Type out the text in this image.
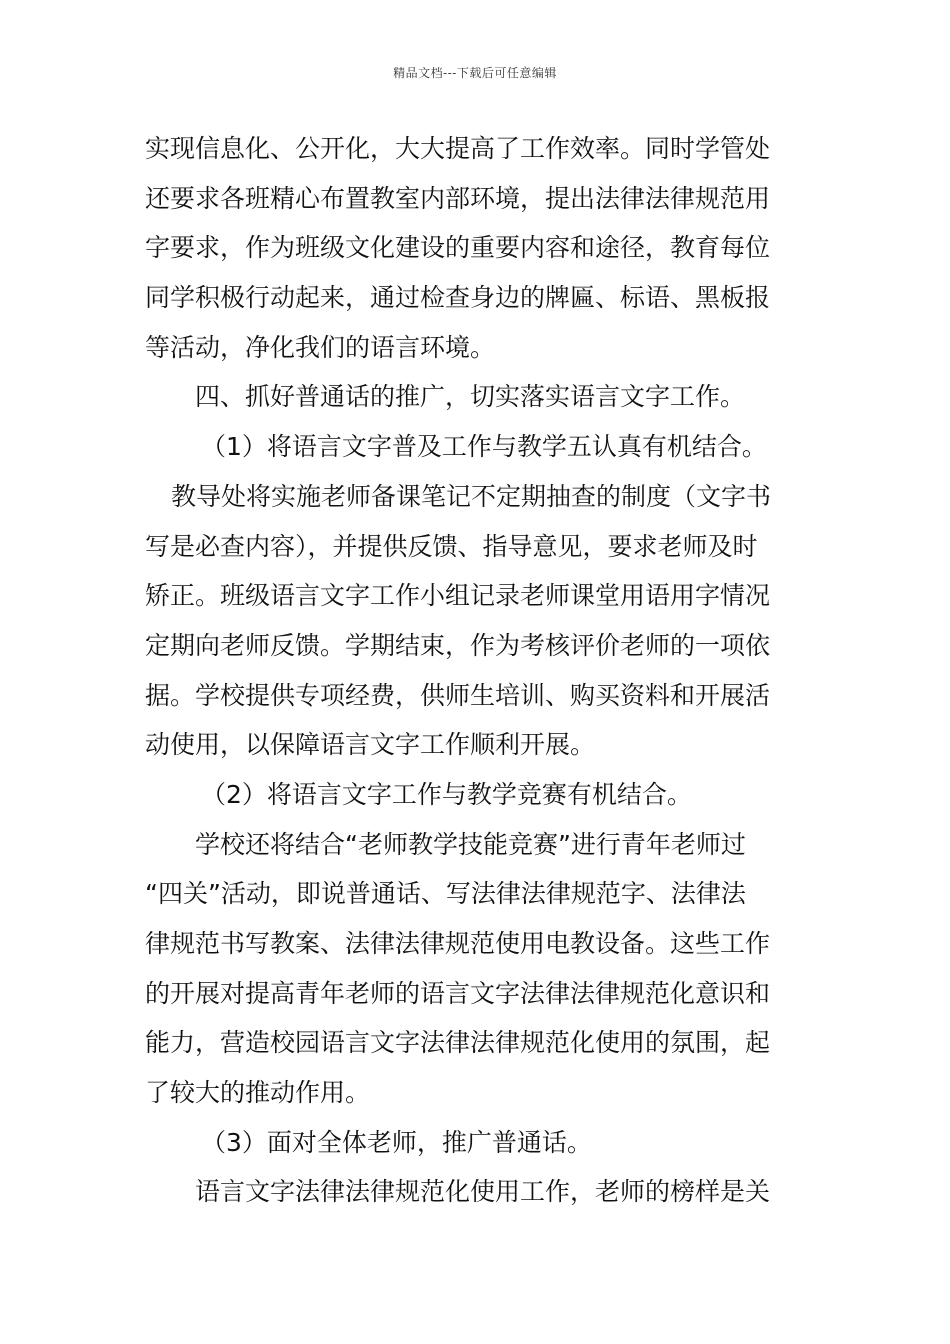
精品文档---下载后可任意编辑
实现信息化、公开化，大大提高了工作效率。同时学管处
还要求各班精心布置教室内部环境，提出法律法律规范用
字要求，作为班级文化建设的重要内容和途径，教育每位
同学积极行动起来，通过检查身边的牌匾、标语、黑板报
等活动，净化我们的语言环境。
四、抓好普通话的推广，切实落实语言文字工作。
（1）将语言文字普及工作与教学五认真有机结合。
教导处将实施老师备课笔记不定期抽查的制度（文字书
写是必查内容），并提供反馈、指导意见，要求老师及时
矫正。班级语言文字工作小组记录老师课堂用语用字情况
定期向老师反馈。学期结束，作为考核评价老师的一项依
据。学校提供专项经费，供师生培训、购买资料和开展活
动使用，以保障语言文字工作顺利开展。
（2）将语言文字工作与教学竞赛有机结合。
学校还将结合“老师教学技能竞赛”进行青年老师过
“四关”活动，即说普通话、写法律法律规范字、法律法
律规范书写教案、法律法律规范使用电教设备。这些工作
的开展对提高青年老师的语言文字法律法律规范化意识和
能力，营造校园语言文字法律法律规范化使用的氛围，起
了较大的推动作用。
（3）面对全体老师，推广普通话。
语言文字法律法律规范化使用工作，老师的榜样是关
